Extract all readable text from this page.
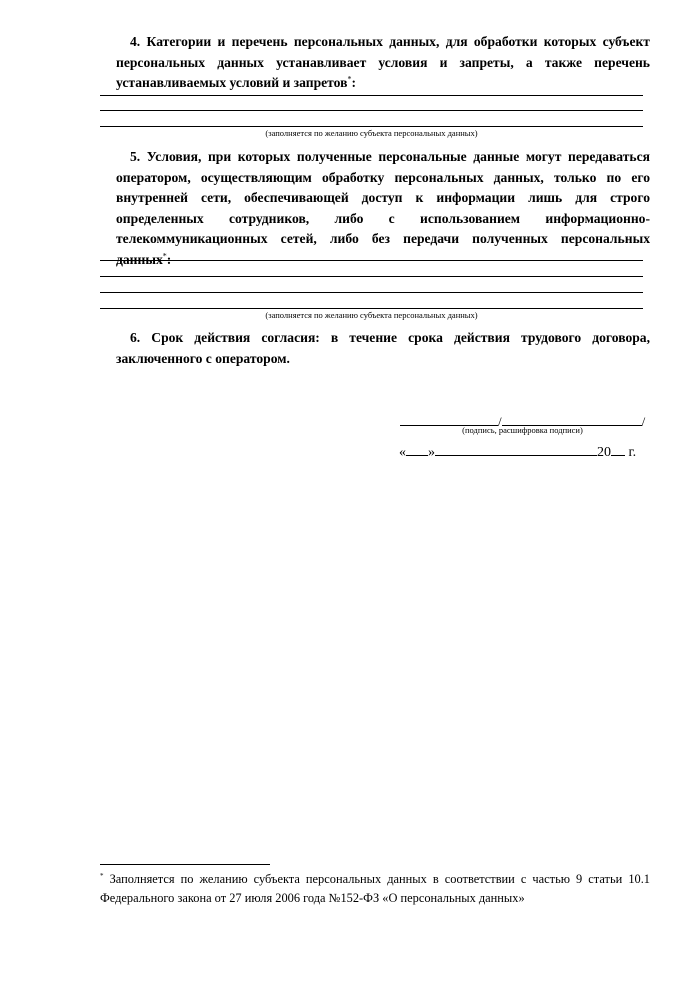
4. Категории и перечень персональных данных, для обработки которых субъект персональных данных устанавливает условия и запреты, а также перечень устанавливаемых условий и запретов*:
(заполняется по желанию субъекта персональных данных)
5. Условия, при которых полученные персональные данные могут передаваться оператором, осуществляющим обработку персональных данных, только по его внутренней сети, обеспечивающей доступ к информации лишь для строго определенных сотрудников, либо с использованием информационно-телекоммуникационных сетей, либо без передачи полученных персональных данных*:
(заполняется по желанию субъекта персональных данных)
6. Срок действия согласия: в течение срока действия трудового договора, заключенного с оператором.
/	/
(подпись, расшифровка подписи)
« »	20 г.
* Заполняется по желанию субъекта персональных данных в соответствии с частью 9 статьи 10.1 Федерального закона от 27 июля 2006 года №152-ФЗ «О персональных данных»
